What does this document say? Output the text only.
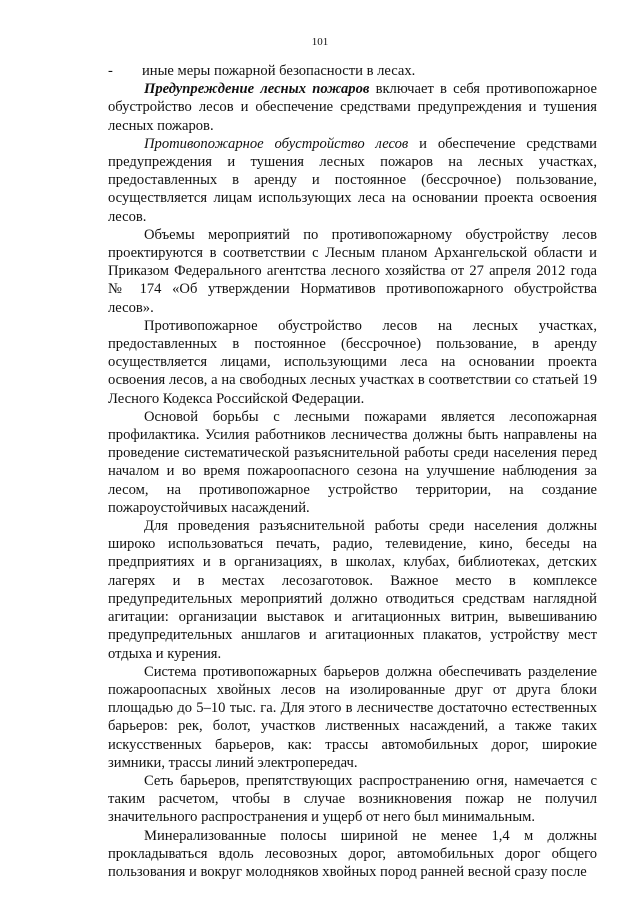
101

- иные меры пожарной безопасности в лесах.

Предупреждение лесных пожаров включает в себя противопожарное обустройство лесов и обеспечение средствами предупреждения и тушения лесных пожаров.

Противопожарное обустройство лесов и обеспечение средствами предупреждения и тушения лесных пожаров на лесных участках, предоставленных в аренду и постоянное (бессрочное) пользование, осуществляется лицам использующих леса на основании проекта освоения лесов.

Объемы мероприятий по противопожарному обустройству лесов проектируются в соответствии с Лесным планом Архангельской области и Приказом Федерального агентства лесного хозяйства от 27 апреля 2012 года № 174 «Об утверждении Нормативов противопожарного обустройства лесов».

Противопожарное обустройство лесов на лесных участках, предоставленных в постоянное (бессрочное) пользование, в аренду осуществляется лицами, использующими леса на основании проекта освоения лесов, а на свободных лесных участках в соответствии со статьей 19 Лесного Кодекса Российской Федерации.

Основой борьбы с лесными пожарами является лесопожарная профилактика. Усилия работников лесничества должны быть направлены на проведение систематической разъяснительной работы среди населения перед началом и во время пожароопасного сезона на улучшение наблюдения за лесом, на противопожарное устройство территории, на создание пожароустойчивых насаждений.

Для проведения разъяснительной работы среди населения должны широко использоваться печать, радио, телевидение, кино, беседы на предприятиях и в организациях, в школах, клубах, библиотеках, детских лагерях и в местах лесозаготовок. Важное место в комплексе предупредительных мероприятий должно отводиться средствам наглядной агитации: организации выставок и агитационных витрин, вывешиванию предупредительных аншлагов и агитационных плакатов, устройству мест отдыха и курения.

Система противопожарных барьеров должна обеспечивать разделение пожароопасных хвойных лесов на изолированные друг от друга блоки площадью до 5–10 тыс. га. Для этого в лесничестве достаточно естественных барьеров: рек, болот, участков лиственных насаждений, а также таких искусственных барьеров, как: трассы автомобильных дорог, широкие зимники, трассы линий электропередач.

Сеть барьеров, препятствующих распространению огня, намечается с таким расчетом, чтобы в случае возникновения пожар не получил значительного распространения и ущерб от него был минимальным.

Минерализованные полосы шириной не менее 1,4 м должны прокладываться вдоль лесовозных дорог, автомобильных дорог общего пользования и вокруг молодняков хвойных пород ранней весной сразу после
